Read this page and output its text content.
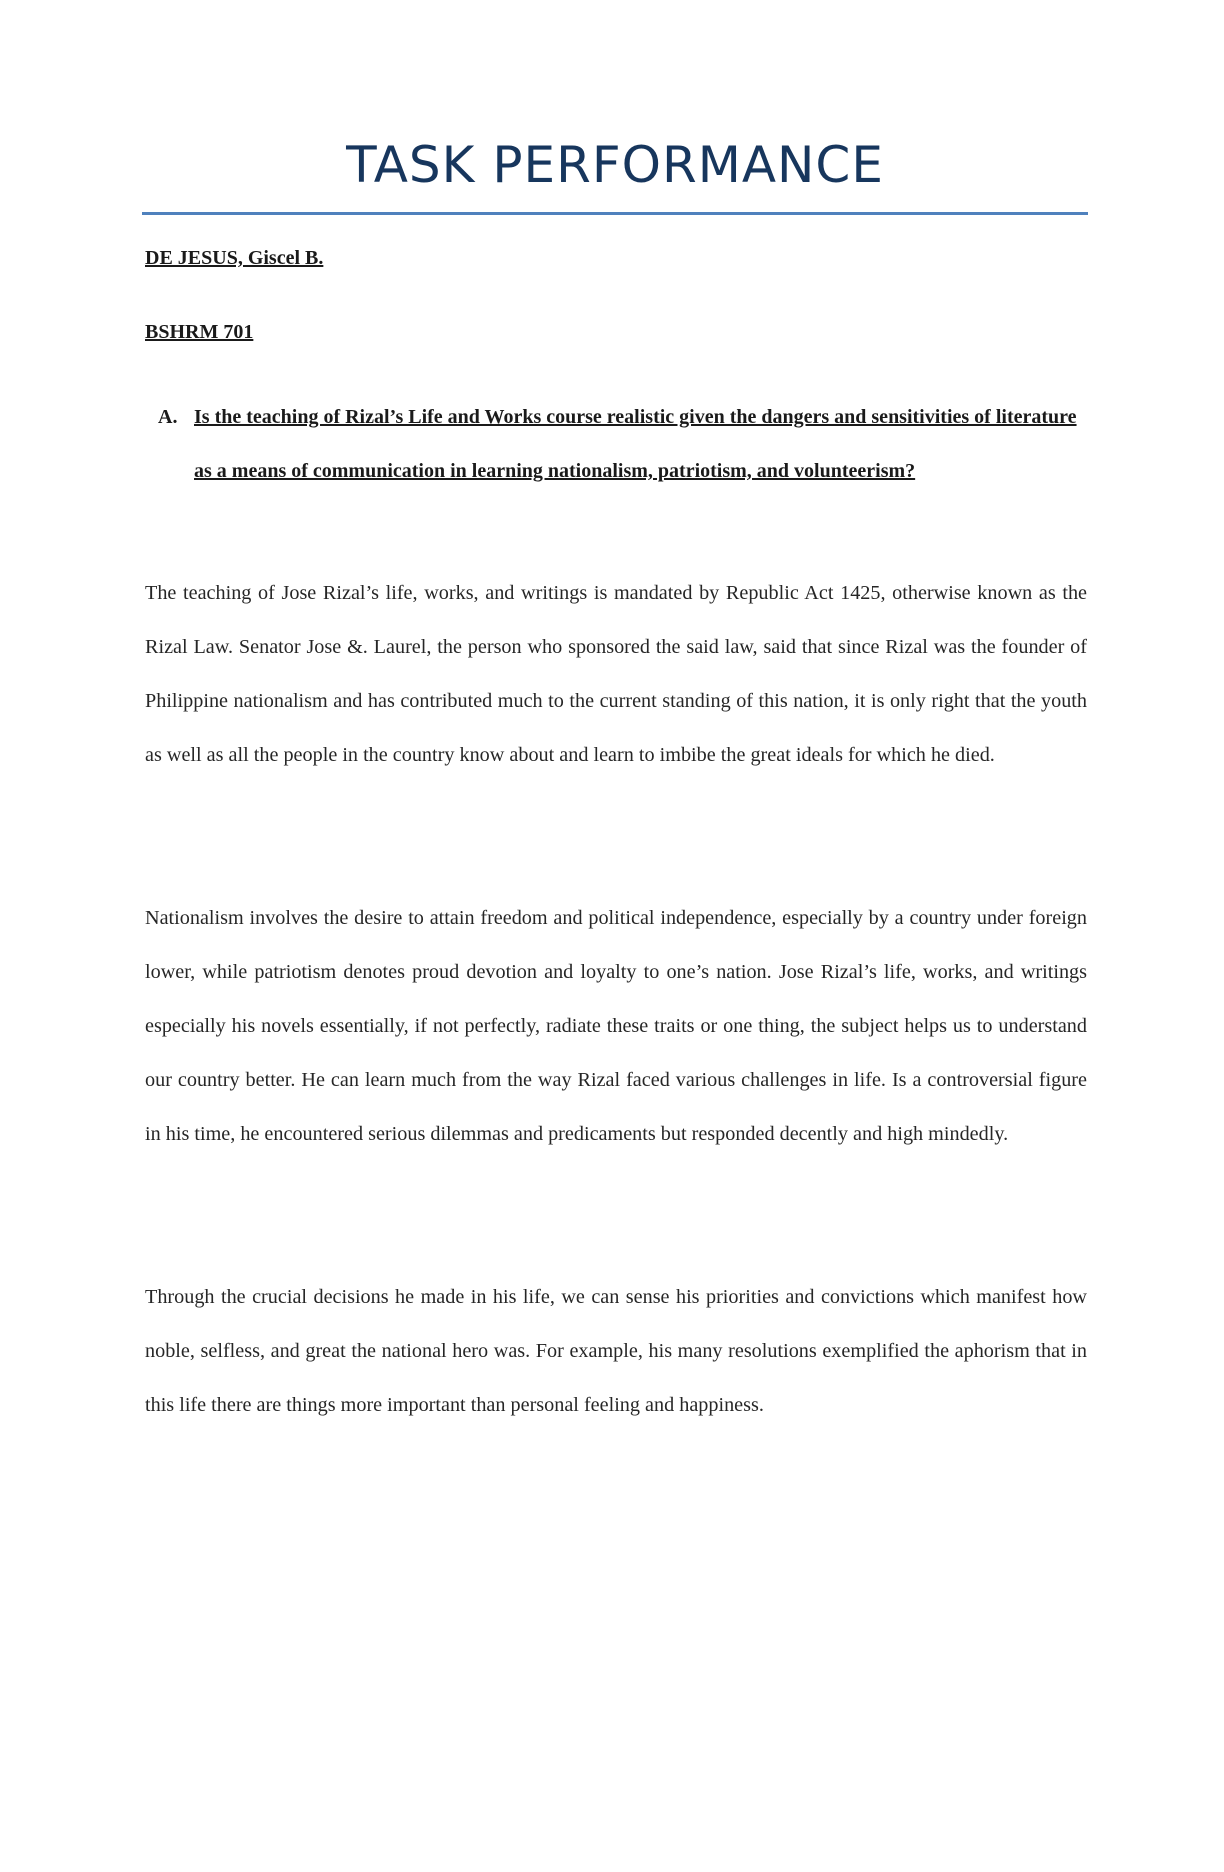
TASK PERFORMANCE
DE JESUS, Giscel B.
BSHRM 701
A. Is the teaching of Rizal’s Life and Works course realistic given the dangers and sensitivities of literature as a means of communication in learning nationalism, patriotism, and volunteerism?

The teaching of Jose Rizal’s life, works, and writings is mandated by Republic Act 1425, otherwise known as the Rizal Law. Senator Jose &. Laurel, the person who sponsored the said law, said that since Rizal was the founder of Philippine nationalism and has contributed much to the current standing of this nation, it is only right that the youth as well as all the people in the country know about and learn to imbibe the great ideals for which he died.

Nationalism involves the desire to attain freedom and political independence, especially by a country under foreign lower, while patriotism denotes proud devotion and loyalty to one’s nation. Jose Rizal’s life, works, and writings especially his novels essentially, if not perfectly, radiate these traits or one thing, the subject helps us to understand our country better. He can learn much from the way Rizal faced various challenges in life. Is a controversial figure in his time, he encountered serious dilemmas and predicaments but responded decently and high mindedly.

Through the crucial decisions he made in his life, we can sense his priorities and convictions which manifest how noble, selfless, and great the national hero was. For example, his many resolutions exemplified the aphorism that in this life there are things more important than personal feeling and happiness.
